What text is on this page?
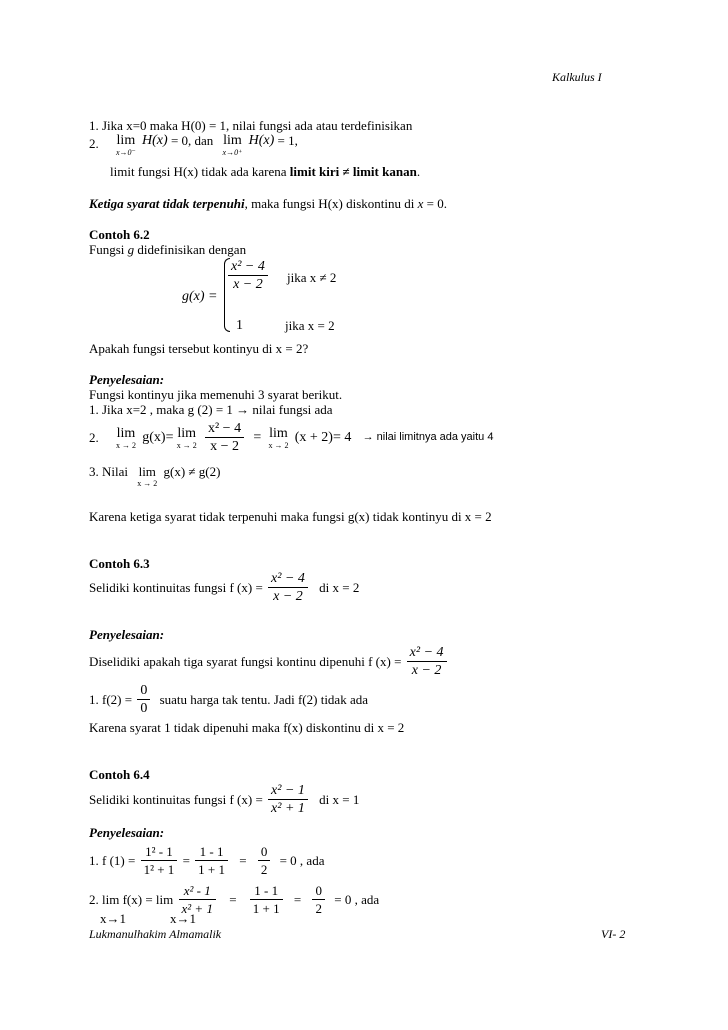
Kalkulus I
1. Jika x=0 maka H(0) = 1, nilai fungsi ada atau terdefinisikan
2. lim
x→0⁻
H(x) = 0, dan lim
x→0⁺
H(x) = 1,
limit fungsi H(x) tidak ada karena limit kiri ≠ limit kanan.
Ketiga syarat tidak terpenuhi, maka fungsi H(x) diskontinu di x = 0.
Contoh 6.2
Fungsi g didefinisikan dengan
g(x) =
$\frac{\text{x² − 4}}{x - 2}$ jika x ≠ 2
1	jika x = 2
Apakah fungsi tersebut kontinyu di x = 2?
Penyelesaian:
Fungsi kontinyu jika memenuhi 3 syarat berikut.
1. Jika x=2 , maka g (2) = 1 → nilai fungsi ada
2. lim
x → 2 g(x)= lim
x → 2
$\frac{\text{x² − 4}}{x - 2} = \lim$
x → 2 (x + 2)= 4 → nilai limitnya ada yaitu 4
3. Nilai lim
x → 2
g(x) ≠ g(2)
Karena ketiga syarat tidak terpenuhi maka fungsi g(x) tidak kontinyu di x = 2
Contoh 6.3
Selidiki kontinuitas fungsi f $(x) = \frac{\text{x² − 4}}{x - 2}$ di x = 2
Penyelesaian:
Diselidiki apakah tiga syarat fungsi kontinu dipenuhi f $(x) = \frac{\text{x² − 4}}{x - 2}$
1. $f(2) = \frac{0}{0}$ suatu harga tak tentu. Jadi f(2) tidak ada
Karena syarat 1 tidak dipenuhi maka f(x) diskontinu di x = 2
Contoh 6.4
Selidiki kontinuitas fungsi f $(x) = \frac{\text{x² − 1}}{\text{x² + 1}}$ di x = 1
Penyelesaian:
1. f $(1) = \frac{\text{1² - 1}}{\text{1² + 1}} = \frac{1 - 1}{1 + 1} = \frac{0}{2} = 0$ , ada
2. $\lim f(x) = \lim \frac{\text{x² - 1}}{\text{x² + 1}} = \frac{1 - 1}{1 + 1} = \frac{0}{2} = 0$ , ada
x→1	x→1
Lukmanulhakim Almamalik	VI- 2
